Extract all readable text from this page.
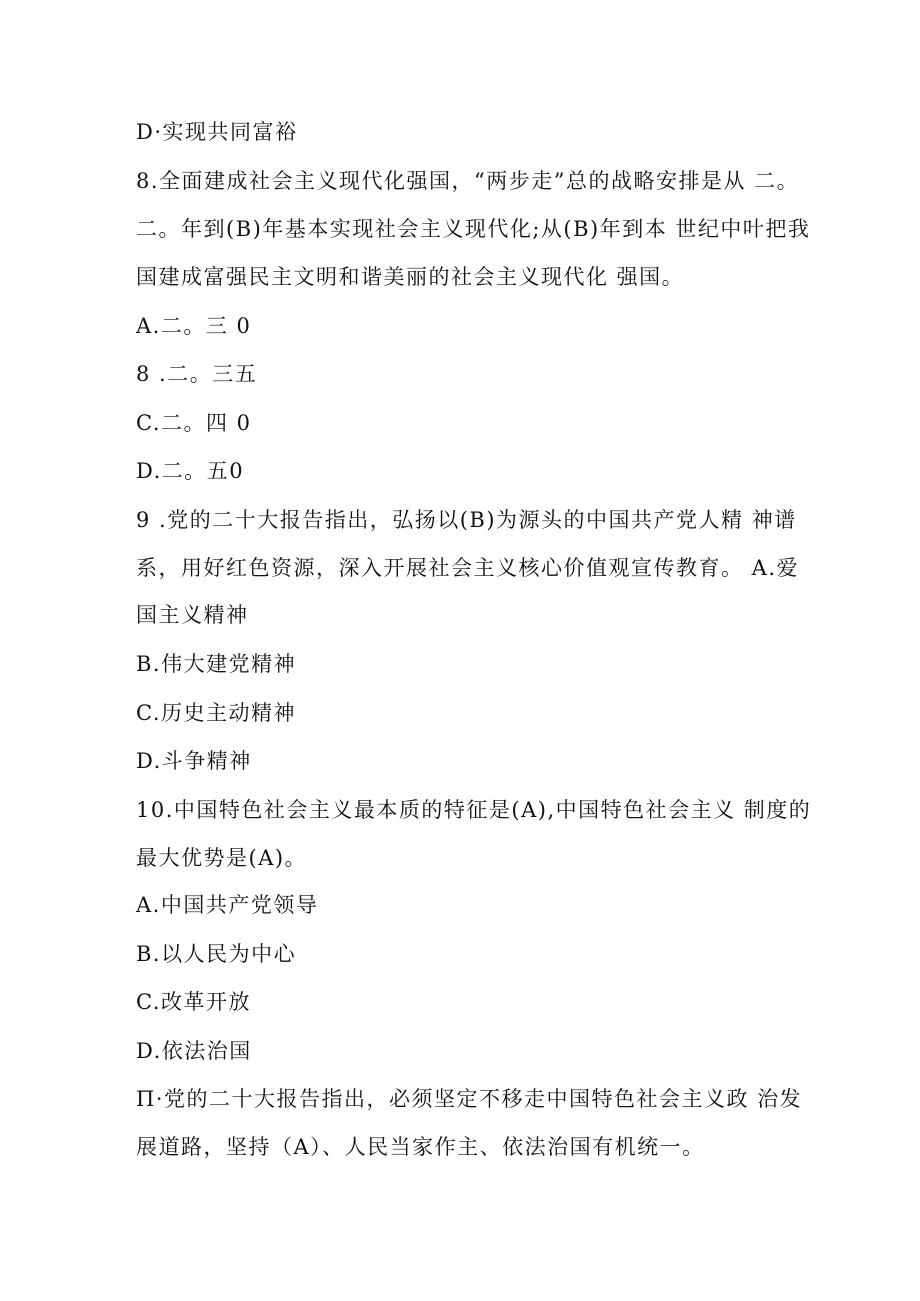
D·实现共同富裕

8.全面建成社会主义现代化强国，“两步走”总的战略安排是从 二。

二。年到(B)年基本实现社会主义现代化;从(B)年到本 世纪中叶把我

国建成富强民主文明和谐美丽的社会主义现代化 强国。

A.二。三 0

8 .二。三五

C.二。四 0

D.二。五0

9 .党的二十大报告指出，弘扬以(B)为源头的中国共产党人精 神谱

系，用好红色资源，深入开展社会主义核心价值观宣传教育。 A.爱

国主义精神

B.伟大建党精神

C.历史主动精神

D.斗争精神

10.中国特色社会主义最本质的特征是(A),中国特色社会主义 制度的

最大优势是(A)。

A.中国共产党领导

B.以人民为中心

C.改革开放

D.依法治国

Π·党的二十大报告指出，必须坚定不移走中国特色社会主义政 治发

展道路，坚持（A）、人民当家作主、依法治国有机统一。
